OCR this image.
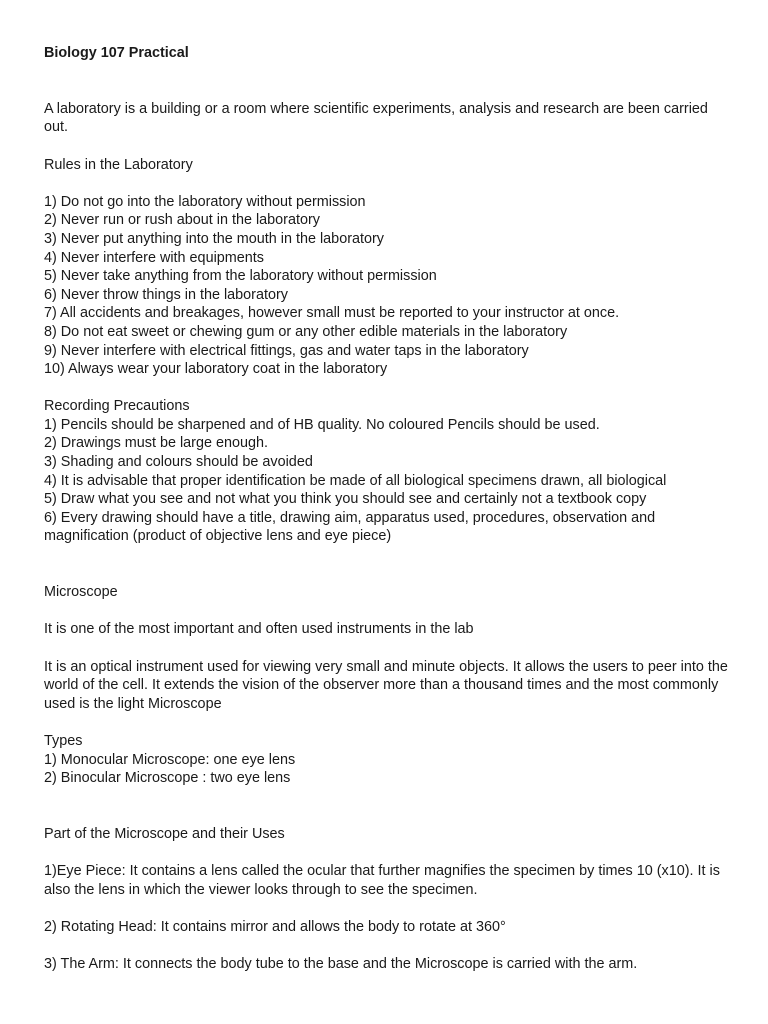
Biology 107 Practical

A laboratory is a building or a room where scientific experiments, analysis and research are been carried out.

Rules in the Laboratory

1) Do not go into the laboratory without permission
2) Never run or rush about in the laboratory
3) Never put anything into the mouth in the laboratory
4) Never interfere with equipments
5) Never take anything from the laboratory without permission
6) Never throw things in the laboratory
7) All accidents and breakages, however small must be reported to your instructor at once.
8) Do not eat sweet or chewing gum or any other edible materials in the laboratory
9) Never interfere with electrical fittings, gas and water taps in the laboratory
10) Always wear your laboratory coat in the laboratory

Recording Precautions

1) Pencils should be sharpened and of HB quality. No coloured Pencils should be used.
2) Drawings must be large enough.
3) Shading and colours should be avoided
4) It is advisable that proper identification be made of all biological specimens drawn, all biological
5) Draw what you see and not what you think you should see and certainly not a textbook copy
6) Every drawing should have a title, drawing aim, apparatus used, procedures, observation and magnification (product of objective lens and eye piece)

Microscope

It is one of the most important and often used instruments in the lab

It is an optical instrument used for viewing very small and minute objects. It allows the users to peer into the world of the cell. It extends the vision of the observer more than a thousand times and the most commonly used is the light Microscope

Types

1) Monocular Microscope: one eye lens
2) Binocular Microscope : two eye lens

Part of the Microscope and their Uses

1)Eye Piece: It contains a lens called the ocular that further magnifies the specimen by times 10 (x10). It is also the lens in which the viewer looks through to see the specimen.

2) Rotating Head: It contains mirror and allows the body to rotate at 360°

3) The Arm: It connects the body tube to the base and the Microscope is carried with the arm.
